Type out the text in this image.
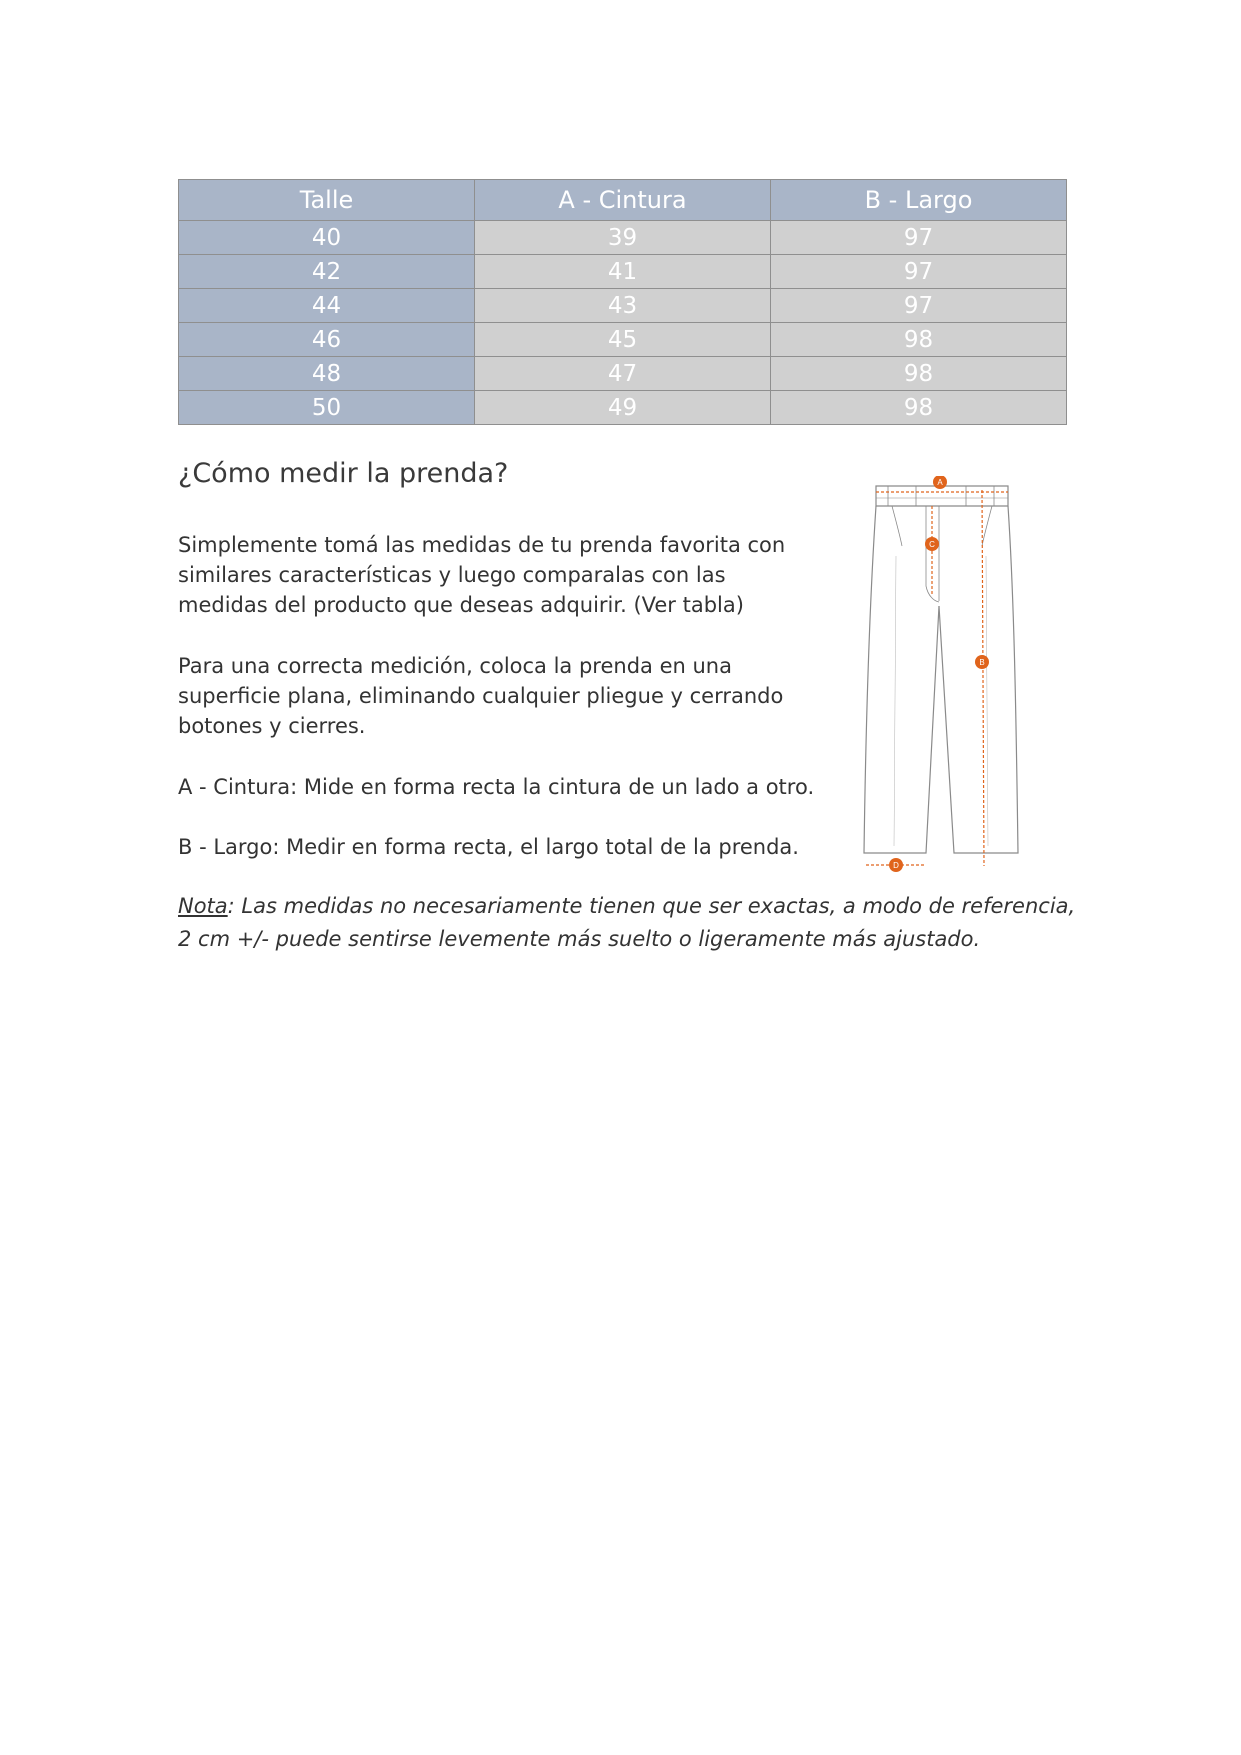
Talle	A - Cintura	B - Largo
40	39	97
42	41	97
44	43	97
46	45	98
48	47	98
50	49	98
¿Cómo medir la prenda?

Simplemente tomá las medidas de tu prenda favorita con similares características y luego comparalas con las medidas del producto que deseas adquirir. (Ver tabla)

Para una correcta medición, coloca la prenda en una superficie plana, eliminando cualquier pliegue y cerrando botones y cierres.

A - Cintura: Mide en forma recta la cintura de un lado a otro.

B - Largo: Medir en forma recta, el largo total de la prenda.

Nota: Las medidas no necesariamente tienen que ser exactas, a modo de referencia, 2 cm +/- puede sentirse levemente más suelto o ligeramente más ajustado.

A
C
B
D
